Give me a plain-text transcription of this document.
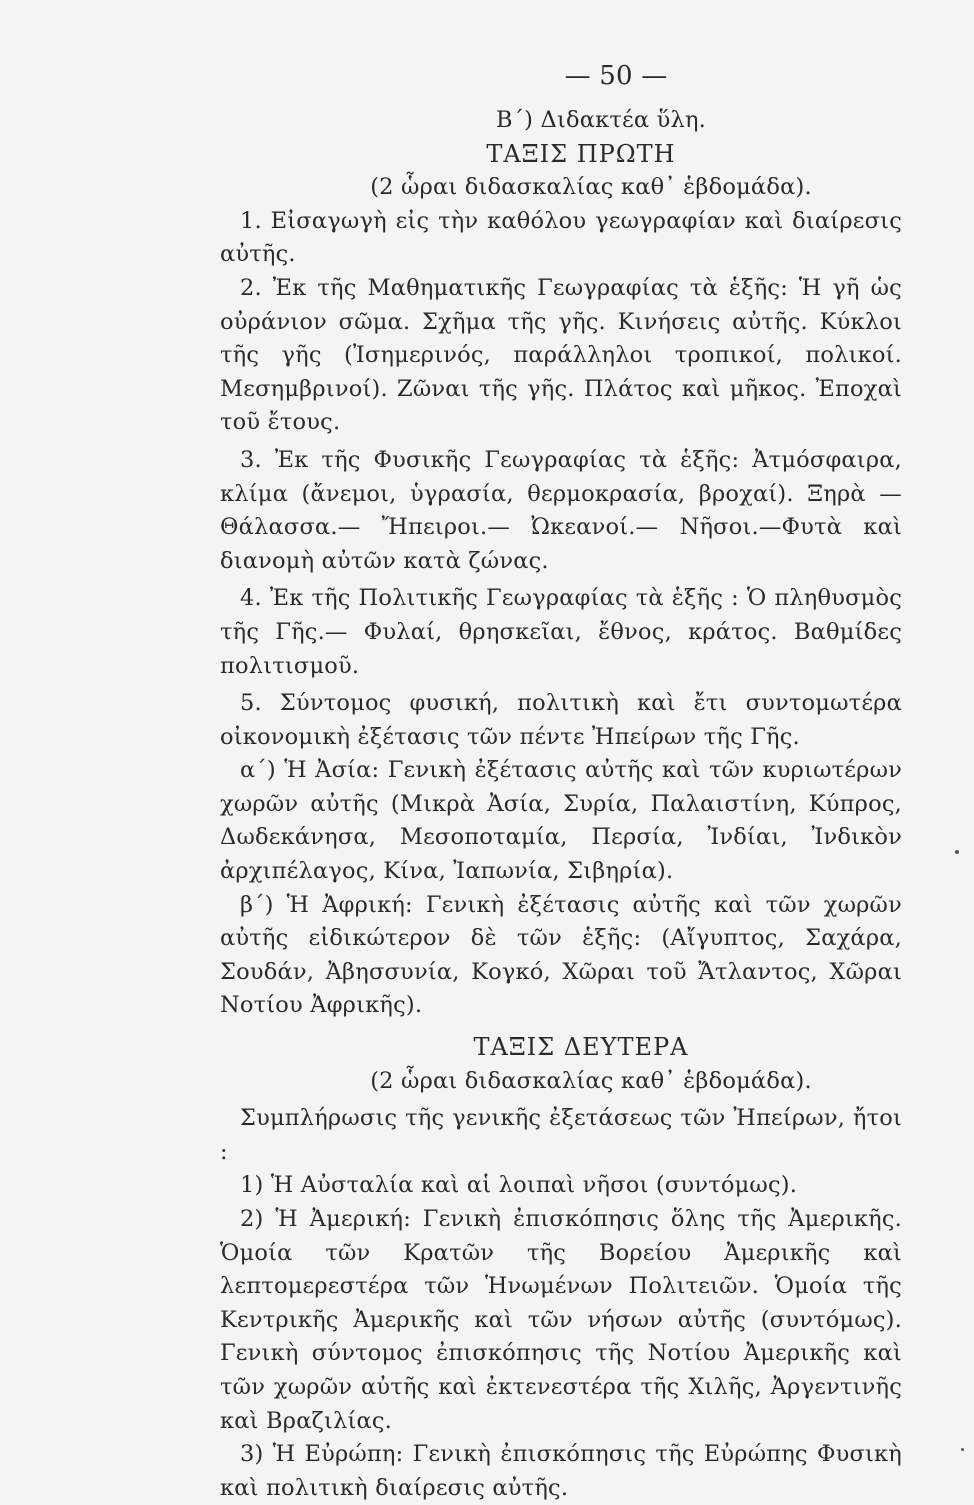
— 50 —
Β΄) Διδακτέα ὕλη.
ΤΑΞΙΣ ΠΡΩΤΗ
(2 ὧραι διδασκαλίας καθ᾽ ἑβδομάδα).

1. Εἰσαγωγὴ εἰς τὴν καθόλου γεωγραφίαν καὶ διαίρεσις αὐτῆς.

2. Ἐκ τῆς Μαθηματικῆς Γεωγραφίας τὰ ἑξῆς: Ἡ γῆ ὡς οὐράνιον σῶμα. Σχῆμα τῆς γῆς. Κινήσεις αὐτῆς. Κύκλοι τῆς γῆς (Ἰσημερινός, παράλληλοι τροπικοί, πολικοί. Μεσημβρινοί). Ζῶναι τῆς γῆς. Πλάτος καὶ μῆκος. Ἐποχαὶ τοῦ ἔτους.

3. Ἐκ τῆς Φυσικῆς Γεωγραφίας τὰ ἑξῆς: Ἀτμόσφαιρα, κλίμα (ἄνεμοι, ὑγρασία, θερμοκρασία, βροχαί). Ξηρὰ —Θάλασσα.— Ἤπειροι.— Ὠκεανοί.— Νῆσοι.—Φυτὰ καὶ διανομὴ αὐτῶν κατὰ ζώνας.

4. Ἐκ τῆς Πολιτικῆς Γεωγραφίας τὰ ἑξῆς : Ὁ πληθυσμὸς τῆς Γῆς.— Φυλαί, θρησκεῖαι, ἔθνος, κράτος. Βαθμίδες πολιτισμοῦ.

5. Σύντομος φυσική, πολιτικὴ καὶ ἔτι συντομωτέρα οἰκονομικὴ ἐξέτασις τῶν πέντε Ἠπείρων τῆς Γῆς.

α΄) Ἡ Ἀσία: Γενικὴ ἐξέτασις αὐτῆς καὶ τῶν κυριωτέρων χωρῶν αὐτῆς (Μικρὰ Ἀσία, Συρία, Παλαιστίνη, Κύπρος, Δωδεκάνησα, Μεσοποταμία, Περσία, Ἰνδίαι, Ἰνδικὸν ἀρχιπέλαγος, Κίνα, Ἰαπωνία, Σιβηρία).

β΄) Ἡ Ἀφρική: Γενικὴ ἐξέτασις αὐτῆς καὶ τῶν χωρῶν αὐτῆς εἰδικώτερον δὲ τῶν ἑξῆς: (Αἴγυπτος, Σαχάρα, Σουδάν, Ἀβησσυνία, Κογκό, Χῶραι τοῦ Ἄτλαντος, Χῶραι Νοτίου Ἀφρικῆς).

ΤΑΞΙΣ ΔΕΥΤΕΡΑ
(2 ὧραι διδασκαλίας καθ᾽ ἑβδομάδα).

Συμπλήρωσις τῆς γενικῆς ἐξετάσεως τῶν Ἠπείρων, ἤτοι :

1) Ἡ Αὐσταλία καὶ αἱ λοιπαὶ νῆσοι (συντόμως).

2) Ἡ Ἀμερική: Γενικὴ ἐπισκόπησις ὅλης τῆς Ἀμερικῆς. Ὁμοία τῶν Κρατῶν τῆς Βορείου Ἀμερικῆς καὶ λεπτομερεστέρα τῶν Ἡνωμένων Πολιτειῶν. Ὁμοία τῆς Κεντρικῆς Ἀμερικῆς καὶ τῶν νήσων αὐτῆς (συντόμως). Γενικὴ σύντομος ἐπισκόπησις τῆς Νοτίου Ἀμερικῆς καὶ τῶν χωρῶν αὐτῆς καὶ ἐκτενεστέρα τῆς Χιλῆς, Ἀργεντινῆς καὶ Βραζιλίας.

3) Ἡ Εὐρώπη: Γενικὴ ἐπισκόπησις τῆς Εὐρώπης Φυσικὴ καὶ πολιτικὴ διαίρεσις αὐτῆς.
